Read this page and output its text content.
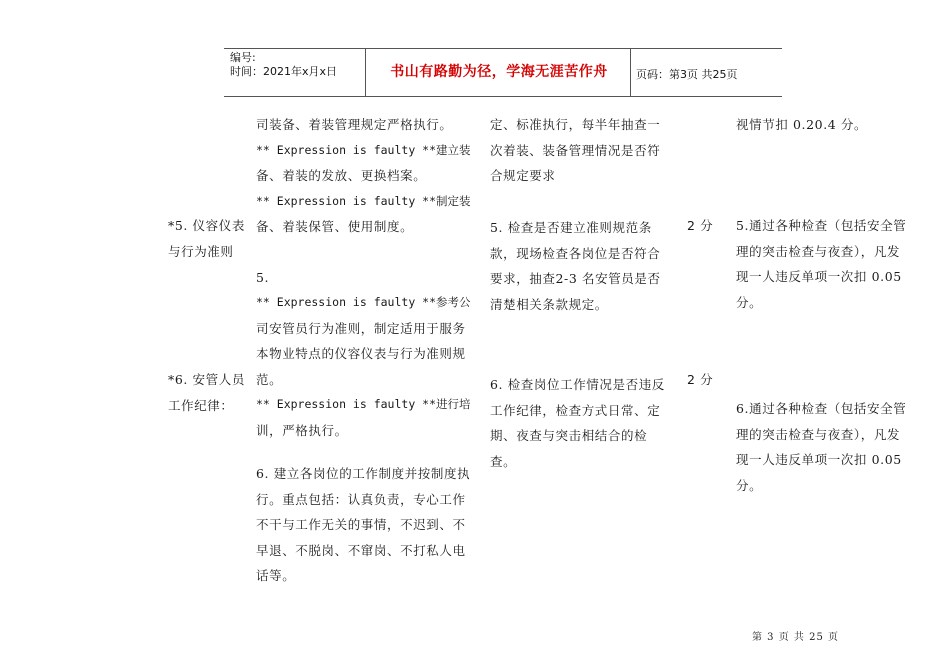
编号:
时间：2021年x月x日	书山有路勤为径，学海无涯苦作舟	页码：第3页 共25页
*5. 仪容仪表
与行为准则
*6. 安管人员
工作纪律：

司装备、着装管理规定严格执行。

** Expression is faulty **建立装

备、着装的发放、更换档案。

** Expression is faulty **制定装

备、着装保管、使用制度。

5.

** Expression is faulty **参考公

司安管员行为准则，制定适用于服务

本物业特点的仪容仪表与行为准则规

范。

** Expression is faulty **进行培

训，严格执行。

6. 建立各岗位的工作制度并按制度执

行。重点包括：认真负责，专心工作

不干与工作无关的事情，不迟到、不

早退、不脱岗、不窜岗、不打私人电

话等。

定、标准执行，每半年抽查一
次着装、装备管理情况是否符
合规定要求
5. 检查是否建立准则规范条
款，现场检查各岗位是否符合
要求，抽查2-3 名安管员是否
清楚相关条款规定。
6. 检查岗位工作情况是否违反
工作纪律，检查方式日常、定
期、夜查与突击相结合的检
查。
2 分
2 分
视情节扣 0.20.4 分。
5.通过各种检查（包括安全管
理的突击检查与夜查），凡发
现一人违反单项一次扣 0.05
分。
6.通过各种检查（包括安全管
理的突击检查与夜查），凡发
现一人违反单项一次扣 0.05
分。
第 3 页 共 25 页
